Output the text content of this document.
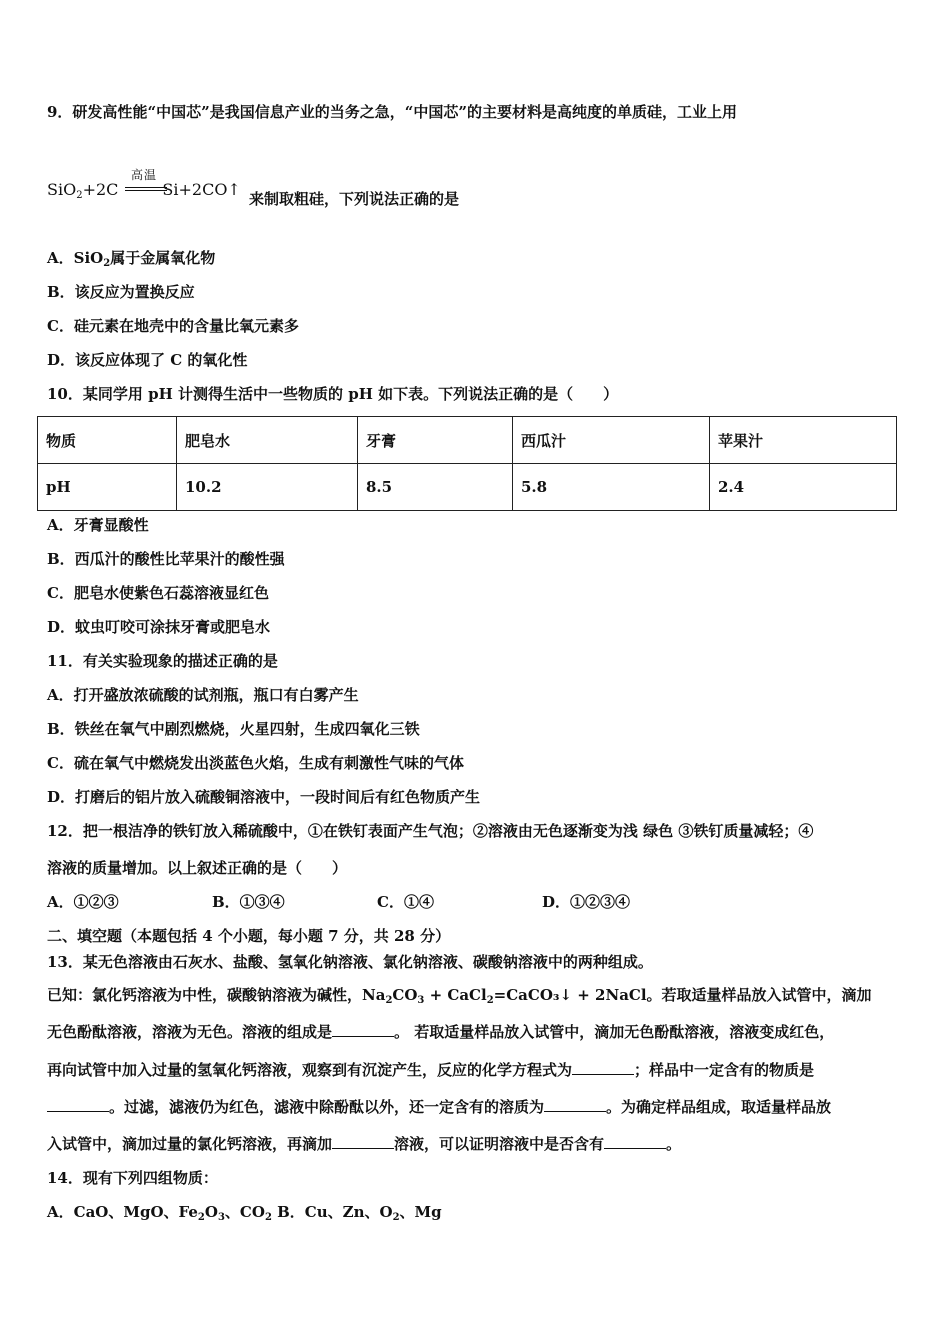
9．研发高性能“中国芯”是我国信息产业的当务之急，“中国芯”的主要材料是高纯度的单质硅，工业上用
SiO$_2$+2C	Si+2CO↑
高温
来制取粗硅，下列说法正确的是
A．SiO$_2$属于金属氧化物
B．该反应为置换反应
C．硅元素在地壳中的含量比氧元素多
D．该反应体现了 C 的氧化性
10．某同学用 pH 计测得生活中一些物质的 pH 如下表。下列说法正确的是（　　）
物质	肥皂水	牙膏	西瓜汁	苹果汁
pH	10.2	8.5	5.8	2.4
A．牙膏显酸性
B．西瓜汁的酸性比苹果汁的酸性强
C．肥皂水使紫色石蕊溶液显红色
D．蚊虫叮咬可涂抹牙膏或肥皂水
11．有关实验现象的描述正确的是
A．打开盛放浓硫酸的试剂瓶，瓶口有白雾产生
B．铁丝在氧气中剧烈燃烧，火星四射，生成四氧化三铁
C．硫在氧气中燃烧发出淡蓝色火焰，生成有刺激性气味的气体
D．打磨后的铝片放入硫酸铜溶液中，一段时间后有红色物质产生
12．把一根洁净的铁钉放入稀硫酸中，①在铁钉表面产生气泡；②溶液由无色逐渐变为浅 绿色 ③铁钉质量减轻；④
溶液的质量增加。以上叙述正确的是（　　）
A．①②③	B．①③④	C．①④	D．①②③④
二、填空题（本题包括 4 个小题，每小题 7 分，共 28 分）
13．某无色溶液由石灰水、盐酸、氢氧化钠溶液、氯化钠溶液、碳酸钠溶液中的两种组成。
已知：氯化钙溶液为中性，碳酸钠溶液为碱性，$Na_2CO_3$ + CaCl$_2$=CaCO₃↓ + 2NaCl。若取适量样品放入试管中，滴加
无色酚酞溶液，溶液为无色。溶液的组成是	。 若取适量样品放入试管中，滴加无色酚酞溶液，溶液变成红色，
再向试管中加入过量的氢氧化钙溶液，观察到有沉淀产生，反应的化学方程式为	；样品中一定含有的物质是
。过滤，滤液仍为红色，滤液中除酚酞以外，还一定含有的溶质为	。为确定样品组成，取适量样品放
入试管中，滴加过量的氯化钙溶液，再滴加	溶液，可以证明溶液中是否含有	。
14．现有下列四组物质：
A．CaO、MgO、$Fe_2O_3$、$CO_2$ B．Cu、Zn、$O_2$、Mg
